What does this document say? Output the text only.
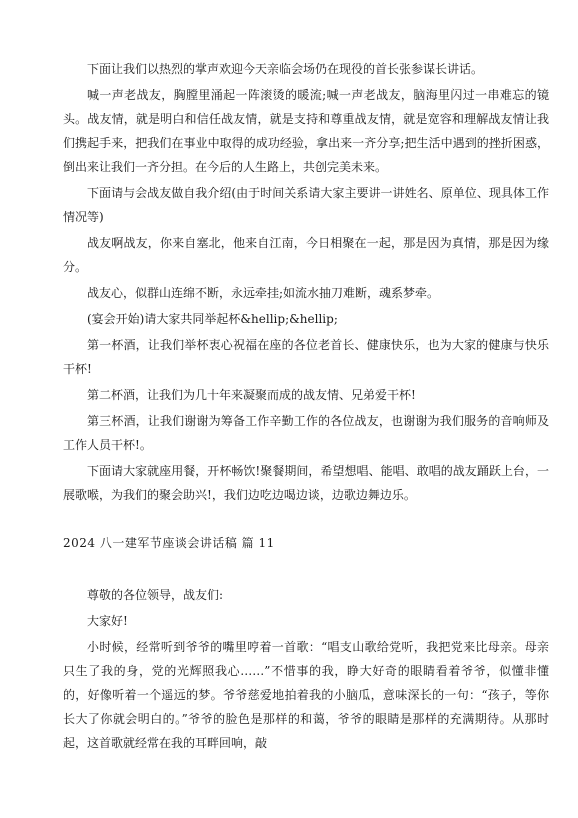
下面让我们以热烈的掌声欢迎今天亲临会场仍在现役的首长张参谋长讲话。

喊一声老战友，胸膛里涌起一阵滚烫的暖流;喊一声老战友，脑海里闪过一串难忘的镜头。战友情，就是明白和信任战友情，就是支持和尊重战友情，就是宽容和理解战友情让我们携起手来，把我们在事业中取得的成功经验，拿出来一齐分享;把生活中遇到的挫折困惑，倒出来让我们一齐分担。在今后的人生路上，共创完美未来。

下面请与会战友做自我介绍(由于时间关系请大家主要讲一讲姓名、原单位、现具体工作情况等)

战友啊战友，你来自塞北，他来自江南，今日相聚在一起，那是因为真情，那是因为缘分。

战友心，似群山连绵不断，永远牵挂;如流水抽刀难断，魂系梦牵。

(宴会开始)请大家共同举起杯&hellip;&hellip;

第一杯酒，让我们举杯衷心祝福在座的各位老首长、健康快乐，也为大家的健康与快乐干杯!

第二杯酒，让我们为几十年来凝聚而成的战友情、兄弟爱干杯!

第三杯酒，让我们谢谢为筹备工作辛勤工作的各位战友，也谢谢为我们服务的音响师及工作人员干杯!。

下面请大家就座用餐，开杯畅饮!聚餐期间，希望想唱、能唱、敢唱的战友踊跃上台，一展歌喉，为我们的聚会助兴!，我们边吃边喝边谈，边歌边舞边乐。

2024 八一建军节座谈会讲话稿 篇 11

尊敬的各位领导，战友们:

大家好!

小时候，经常听到爷爷的嘴里哼着一首歌：“唱支山歌给党听，我把党来比母亲。母亲只生了我的身，党的光辉照我心……”不惜事的我，睁大好奇的眼睛看着爷爷，似懂非懂的，好像听着一个遥远的梦。爷爷慈爱地拍着我的小脑瓜，意味深长的一句：“孩子，等你长大了你就会明白的。”爷爷的脸色是那样的和蔼，爷爷的眼睛是那样的充满期待。从那时起，这首歌就经常在我的耳畔回响，敲
